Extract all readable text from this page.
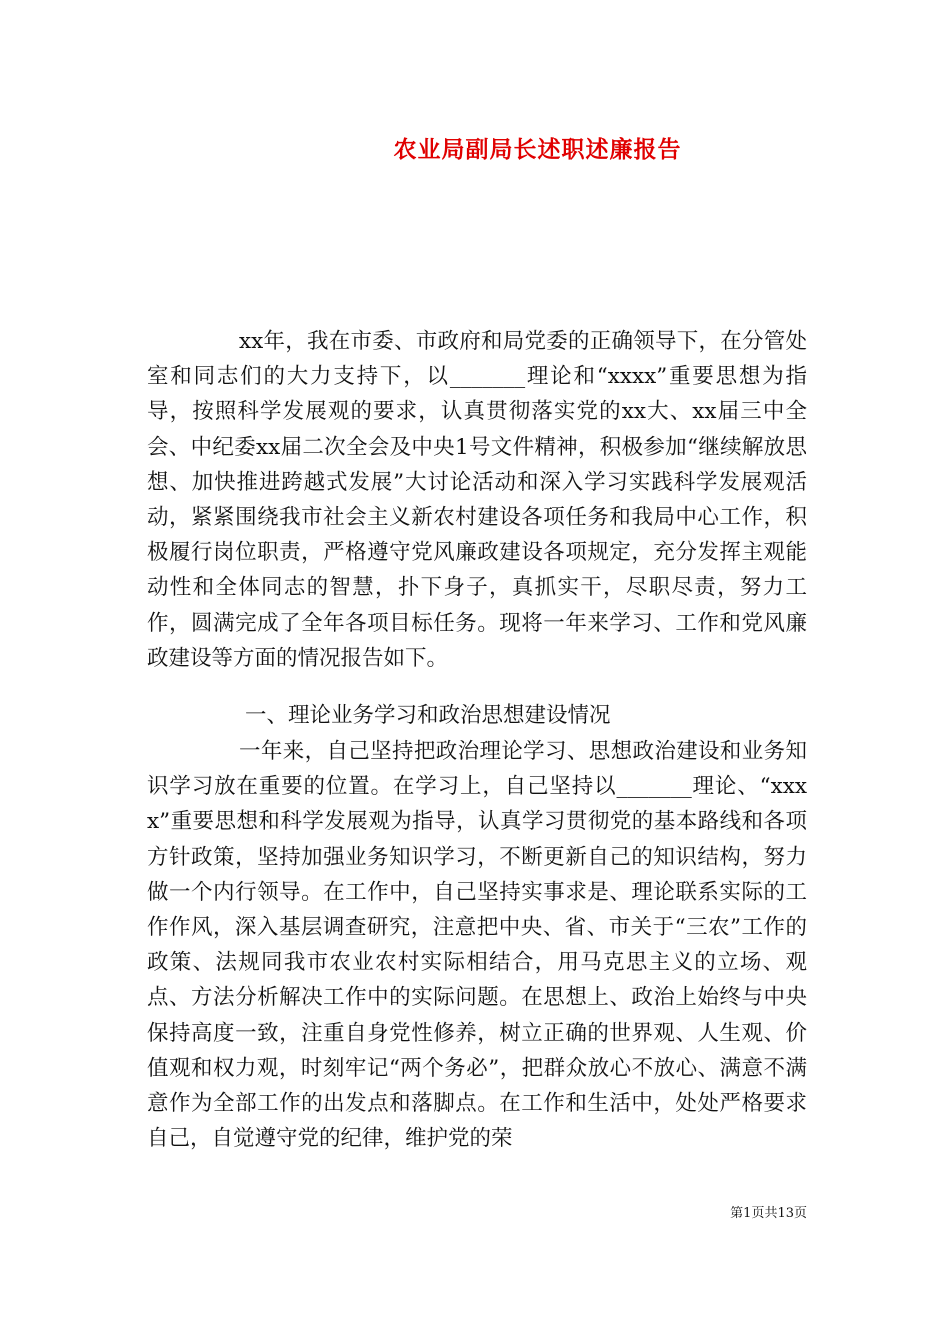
农业局副局长述职述廉报告

xx年，我在市委、市政府和局党委的正确领导下，在分管处室和同志们的大力支持下，以_______理论和“xxxx”重要思想为指导，按照科学发展观的要求，认真贯彻落实党的xx大、xx届三中全会、中纪委xx届二次全会及中央1号文件精神，积极参加“继续解放思想、加快推进跨越式发展”大讨论活动和深入学习实践科学发展观活动，紧紧围绕我市社会主义新农村建设各项任务和我局中心工作，积极履行岗位职责，严格遵守党风廉政建设各项规定，充分发挥主观能动性和全体同志的智慧，扑下身子，真抓实干，尽职尽责，努力工作，圆满完成了全年各项目标任务。现将一年来学习、工作和党风廉政建设等方面的情况报告如下。

一、理论业务学习和政治思想建设情况

一年来，自己坚持把政治理论学习、思想政治建设和业务知识学习放在重要的位置。在学习上，自己坚持以_______理论、“xxxx”重要思想和科学发展观为指导，认真学习贯彻党的基本路线和各项方针政策，坚持加强业务知识学习，不断更新自己的知识结构，努力做一个内行领导。在工作中，自己坚持实事求是、理论联系实际的工作作风，深入基层调查研究，注意把中央、省、市关于“三农”工作的政策、法规同我市农业农村实际相结合，用马克思主义的立场、观点、方法分析解决工作中的实际问题。在思想上、政治上始终与中央保持高度一致，注重自身党性修养，树立正确的世界观、人生观、价值观和权力观，时刻牢记“两个务必”，把群众放心不放心、满意不满意作为全部工作的出发点和落脚点。在工作和生活中，处处严格要求自己，自觉遵守党的纪律，维护党的荣

第1页共13页
